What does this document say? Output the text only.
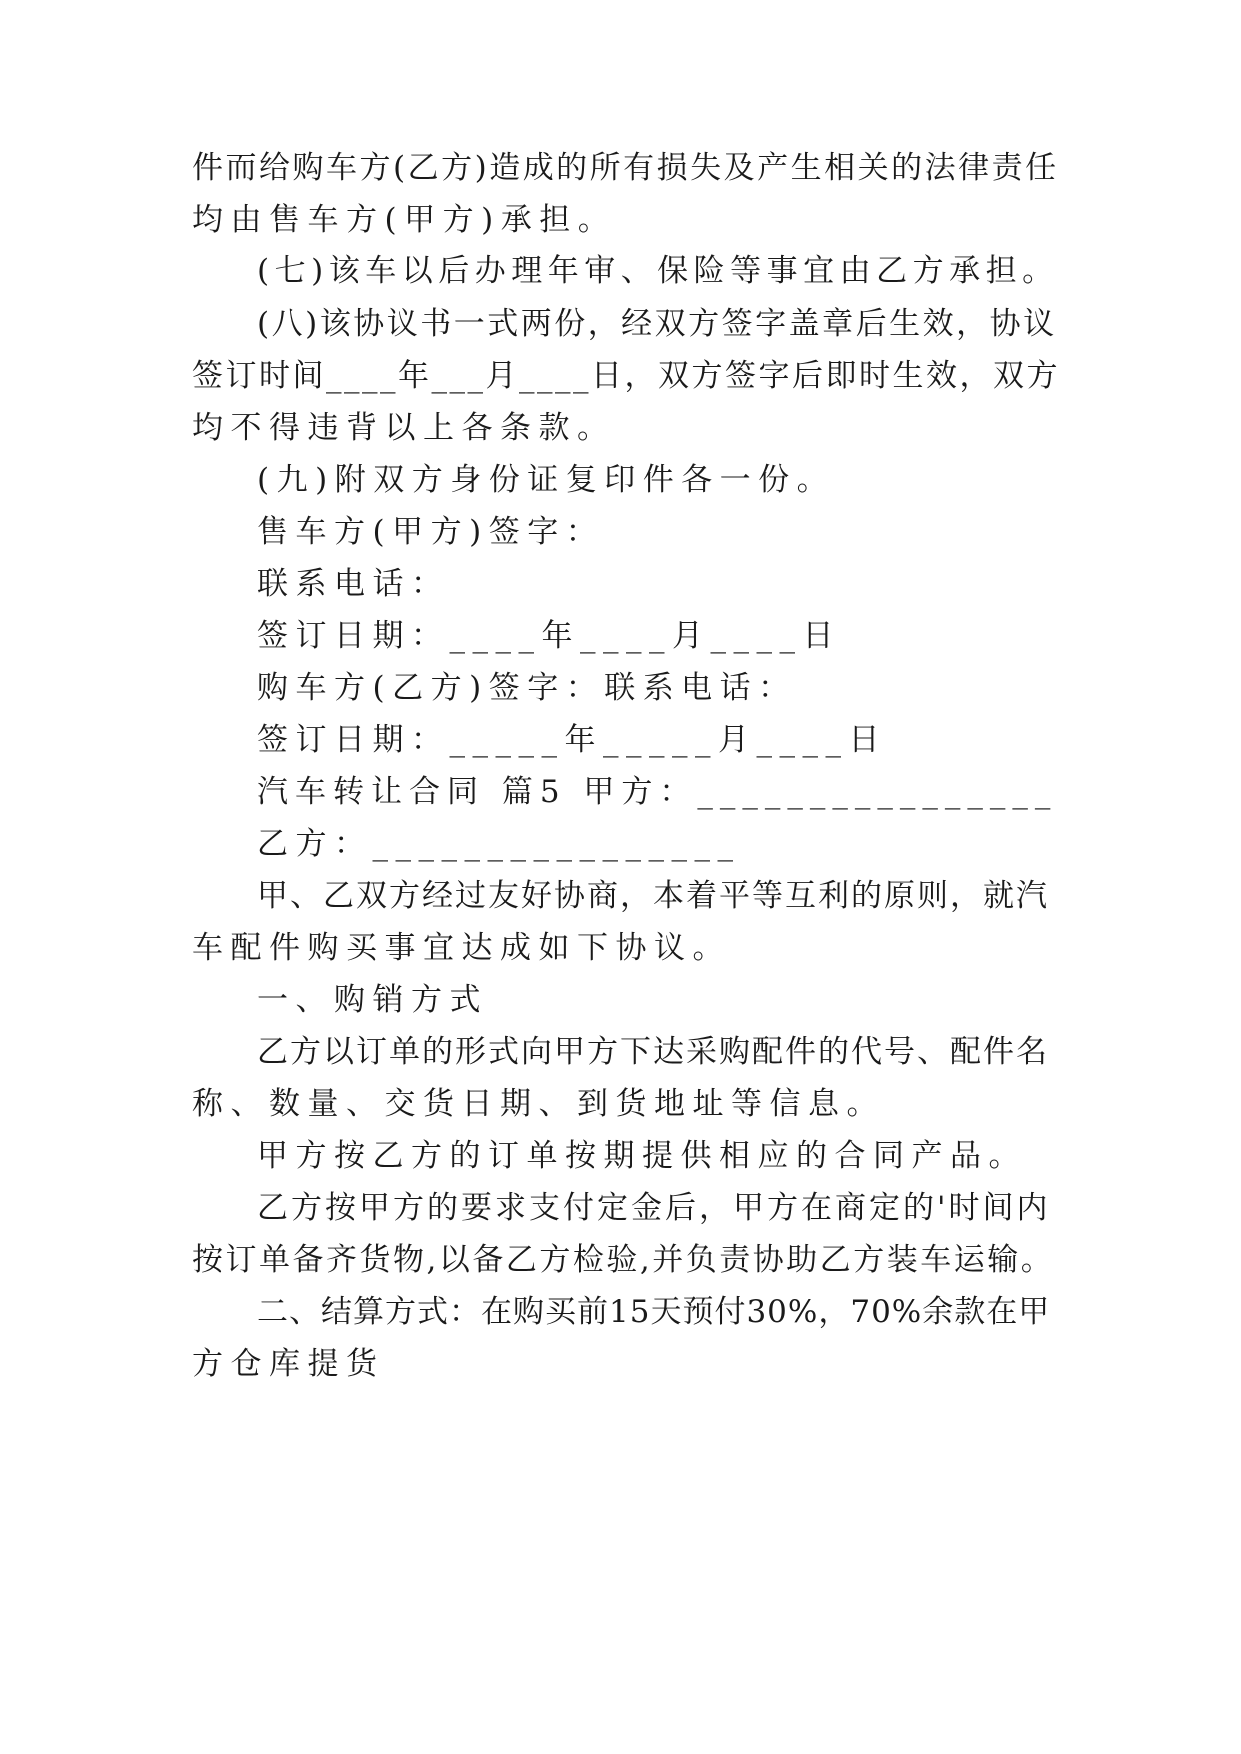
件而给购车方(乙方)造成的所有损失及产生相关的法律责任

均由售车方(甲方)承担。

(七)该车以后办理年审、保险等事宜由乙方承担。

(八)该协议书一式两份，经双方签字盖章后生效，协议

签订时间____年___月____日，双方签字后即时生效，双方

均不得违背以上各条款。

(九)附双方身份证复印件各一份。

售车方(甲方)签字：

联系电话：

签订日期：____年____月____日

购车方(乙方)签字：联系电话：

签订日期：_____年_____月____日

汽车转让合同 篇5 甲方：________________

乙方：________________

甲、乙双方经过友好协商，本着平等互利的原则，就汽

车配件购买事宜达成如下协议。

一、购销方式

乙方以订单的形式向甲方下达采购配件的代号、配件名

称、数量、交货日期、到货地址等信息。

甲方按乙方的订单按期提供相应的合同产品。

乙方按甲方的要求支付定金后，甲方在商定的'时间内

按订单备齐货物,以备乙方检验,并负责协助乙方装车运输。

二、结算方式：在购买前15天预付30%，70%余款在甲

方仓库提货
